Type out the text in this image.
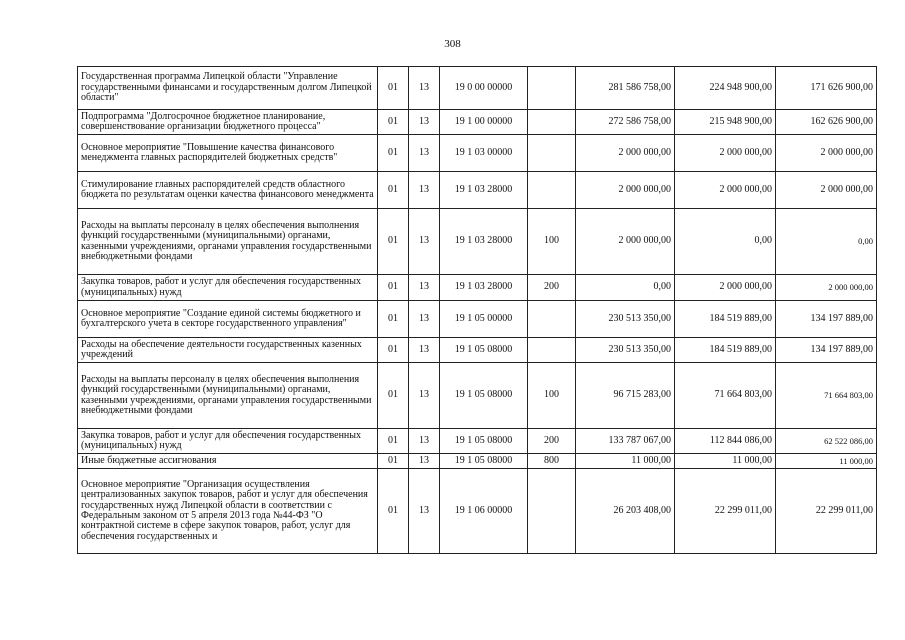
308
Государственная программа Липецкой области "Управление государственными финансами и государственным долгом Липецкой области"	01	13	19 0 00 00000		281 586 758,00	224 948 900,00	171 626 900,00
Подпрограмма "Долгосрочное бюджетное планирование, совершенствование организации бюджетного процесса"	01	13	19 1 00 00000		272 586 758,00	215 948 900,00	162 626 900,00
Основное мероприятие "Повышение качества финансового менеджмента главных распорядителей бюджетных средств"	01	13	19 1 03 00000		2 000 000,00	2 000 000,00	2 000 000,00
Стимулирование главных распорядителей средств областного бюджета по результатам оценки качества финансового менеджмента	01	13	19 1 03 28000		2 000 000,00	2 000 000,00	2 000 000,00
Расходы на выплаты персоналу в целях обеспечения выполнения функций государственными (муниципальными) органами, казенными учреждениями, органами управления государственными внебюджетными фондами	01	13	19 1 03 28000	100	2 000 000,00	0,00	0,00
Закупка товаров, работ и услуг для обеспечения государственных (муниципальных) нужд	01	13	19 1 03 28000	200	0,00	2 000 000,00	2 000 000,00
Основное мероприятие "Создание единой системы бюджетного и бухгалтерского учета в секторе государственного управления"	01	13	19 1 05 00000		230 513 350,00	184 519 889,00	134 197 889,00
Расходы на обеспечение деятельности государственных казенных учреждений	01	13	19 1 05 08000		230 513 350,00	184 519 889,00	134 197 889,00
Расходы на выплаты персоналу в целях обеспечения выполнения функций государственными (муниципальными) органами, казенными учреждениями, органами управления государственными внебюджетными фондами	01	13	19 1 05 08000	100	96 715 283,00	71 664 803,00	71 664 803,00
Закупка товаров, работ и услуг для обеспечения государственных (муниципальных) нужд	01	13	19 1 05 08000	200	133 787 067,00	112 844 086,00	62 522 086,00
Иные бюджетные ассигнования	01	13	19 1 05 08000	800	11 000,00	11 000,00	11 000,00
Основное мероприятие "Организация осуществления централизованных закупок товаров, работ и услуг для обеспечения государственных нужд Липецкой области в соответствии с Федеральным законом от 5 апреля 2013 года №44-ФЗ "О контрактной системе в сфере закупок товаров, работ, услуг для обеспечения государственных и	01	13	19 1 06 00000		26 203 408,00	22 299 011,00	22 299 011,00
